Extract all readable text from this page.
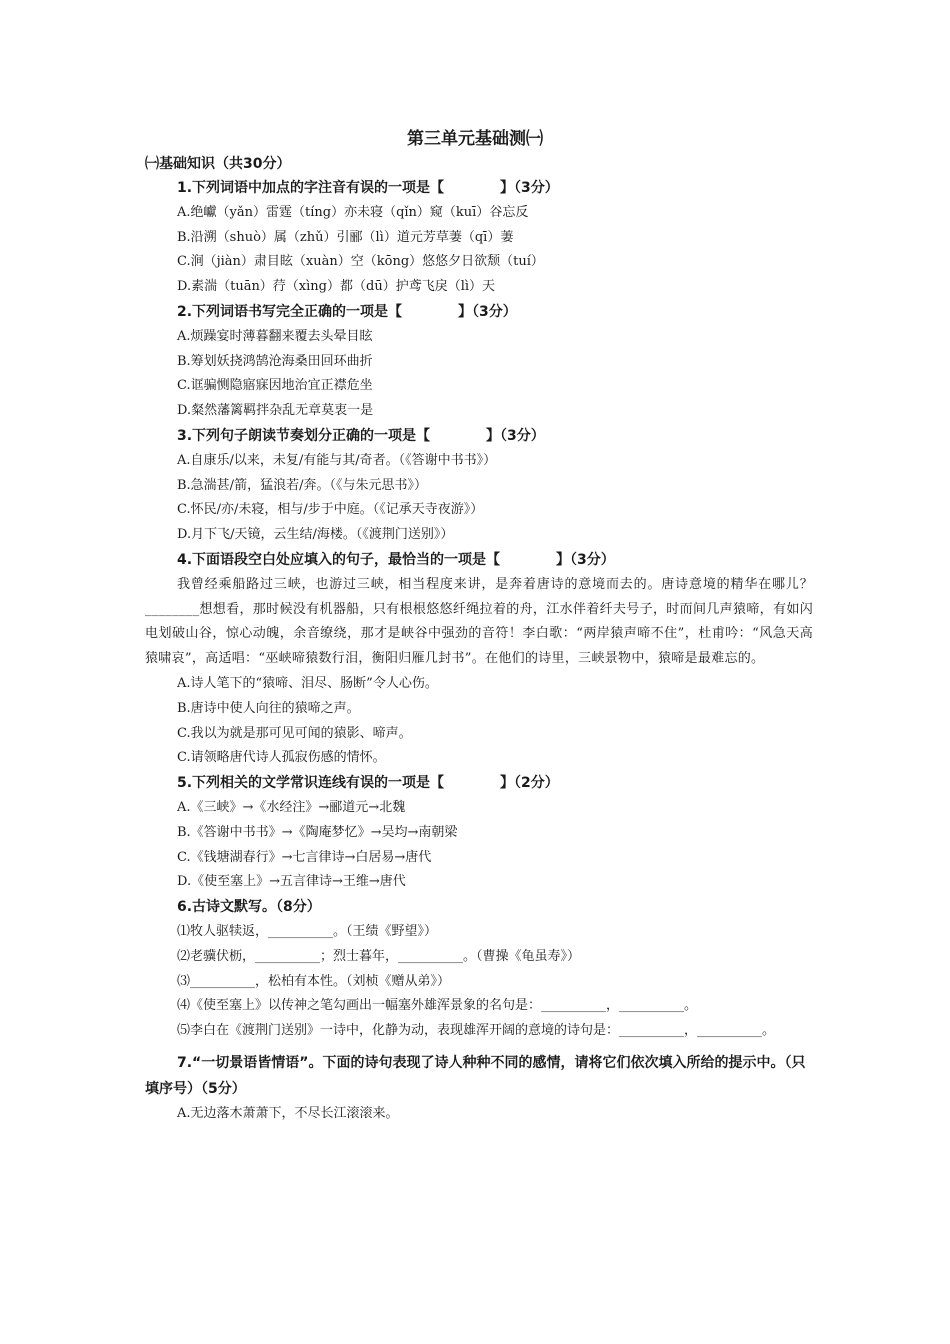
第三单元基础测㈠
㈠基础知识（共30分）
1.下列词语中加点的字注音有误的一项是【　　　　】（3分）
A.绝巘（yǎn）雷霆（tíng）亦未寝（qǐn）窥（kuī）谷忘反
B.沿溯（shuò）属（zhǔ）引郦（lì）道元芳草萋（qī）萋
C.涧（jiàn）肃目眩（xuàn）空（kōng）悠悠夕日欲颓（tuí）
D.素湍（tuān）荇（xìng）都（dū）护鸢飞戾（lì）天
2.下列词语书写完全正确的一项是【　　　　】（3分）
A.烦躁宴时薄暮翻来覆去头晕目眩
B.筹划妖挠鸿鹄沧海桑田回环曲折
C.诓骗恻隐寤寐因地治宜正襟危坐
D.粲然藩篱羁拌杂乱无章莫衷一是
3.下列句子朗读节奏划分正确的一项是【　　　　】（3分）
A.自康乐/以来，未复/有能与其/奇者。（《答谢中书书》）
B.急湍甚/箭，猛浪若/奔。（《与朱元思书》）
C.怀民/亦/未寝，相与/步于中庭。（《记承天寺夜游》）
D.月下飞/天镜，云生结/海楼。（《渡荆门送别》）
4.下面语段空白处应填入的句子，最恰当的一项是【　　　　】（3分）
我曾经乘船路过三峡，也游过三峡，相当程度来讲，是奔着唐诗的意境而去的。唐诗意境的精华在哪儿？________想想看，那时候没有机器船，只有根根悠悠纤绳拉着的舟，江水伴着纤夫号子，时而间几声猿啼，有如闪电划破山谷，惊心动魄，余音缭绕，那才是峡谷中强劲的音符！李白歌：“两岸猿声啼不住”，杜甫吟：“风急天高猿啸哀”，高适唱：“巫峡啼猿数行泪，衡阳归雁几封书”。在他们的诗里，三峡景物中，猿啼是最难忘的。
A.诗人笔下的“猿啼、泪尽、肠断”令人心伤。
B.唐诗中使人向往的猿啼之声。
C.我以为就是那可见可闻的猿影、啼声。
C.请领略唐代诗人孤寂伤感的情怀。
5.下列相关的文学常识连线有误的一项是【　　　　】（2分）
A.《三峡》→《水经注》→郦道元→北魏
B.《答谢中书书》→《陶庵梦忆》→吴均→南朝梁
C.《钱塘湖春行》→七言律诗→白居易→唐代
D.《使至塞上》→五言律诗→王维→唐代
6.古诗文默写。（8分）
⑴牧人驱犊返，__________。（王绩《野望》）
⑵老骥伏枥，__________；烈士暮年，__________。（曹操《龟虽寿》）
⑶__________，松柏有本性。（刘桢《赠从弟》）
⑷《使至塞上》以传神之笔勾画出一幅塞外雄浑景象的名句是：__________，__________。
⑸李白在《渡荆门送别》一诗中，化静为动，表现雄浑开阔的意境的诗句是：__________，__________。
7.“一切景语皆情语”。下面的诗句表现了诗人种种不同的感情，请将它们依次填入所给的提示中。（只填序号）（5分）
A.无边落木萧萧下，不尽长江滚滚来。
